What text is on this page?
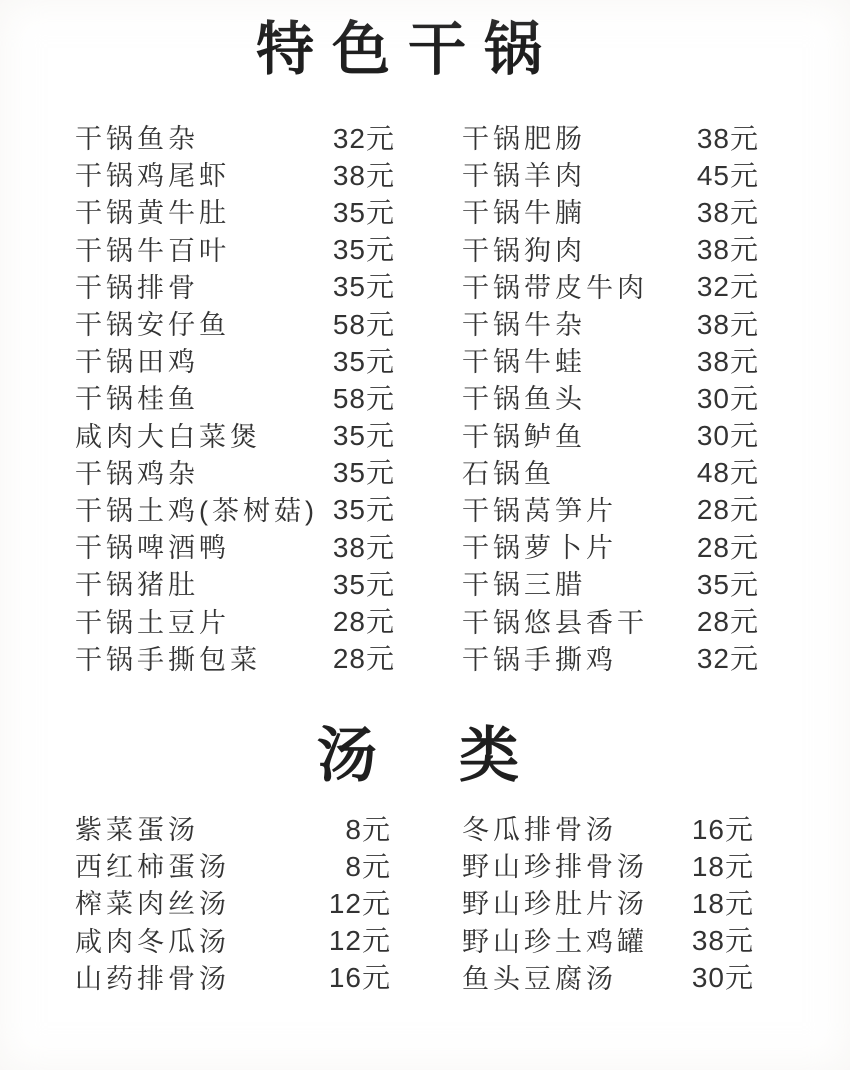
特色干锅
干锅鱼杂	32元
干锅鸡尾虾	38元
干锅黄牛肚	35元
干锅牛百叶	35元
干锅排骨	35元
干锅安仔鱼	58元
干锅田鸡	35元
干锅桂鱼	58元
咸肉大白菜煲	35元
干锅鸡杂	35元
干锅土鸡(茶树菇) 35元
干锅啤酒鸭	38元
干锅猪肚	35元
干锅土豆片	28元
干锅手撕包菜	28元
干锅肥肠	38元
干锅羊肉	45元
干锅牛腩	38元
干锅狗肉	38元
干锅带皮牛肉 32元
干锅牛杂	38元
干锅牛蛙	38元
干锅鱼头	30元
干锅鲈鱼	30元
石锅鱼	48元
干锅莴笋片	28元
干锅萝卜片	28元
干锅三腊	35元
干锅悠县香干 28元
干锅手撕鸡	32元
汤类
紫菜蛋汤	8元
西红柿蛋汤	8元
榨菜肉丝汤	12元
咸肉冬瓜汤	12元
山药排骨汤	16元
冬瓜排骨汤	16元
野山珍排骨汤 18元
野山珍肚片汤 18元
野山珍土鸡罐 38元
鱼头豆腐汤	30元
